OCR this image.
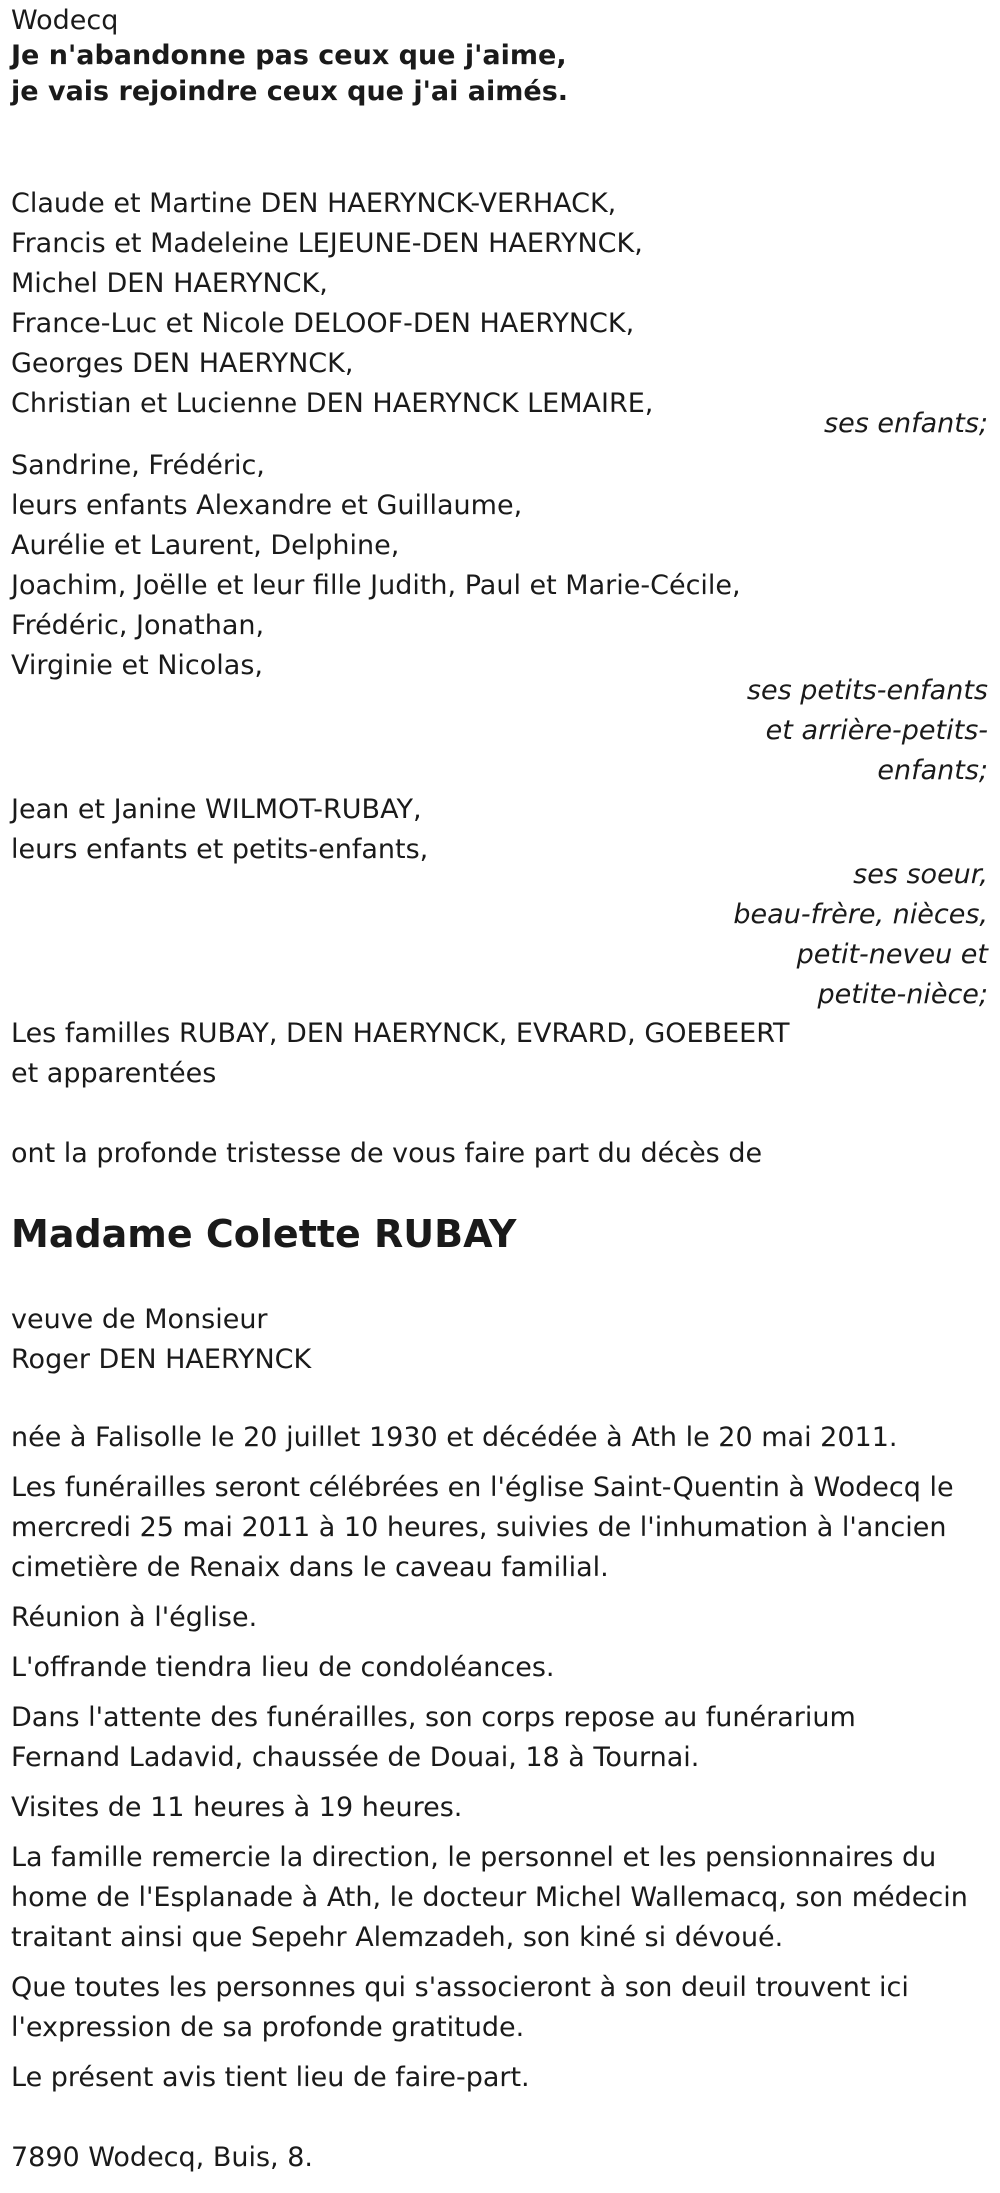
Wodecq
Je n'abandonne pas ceux que j'aime,
je vais rejoindre ceux que j'ai aimés.
Claude et Martine DEN HAERYNCK-VERHACK,
Francis et Madeleine LEJEUNE-DEN HAERYNCK,
Michel DEN HAERYNCK,
France-Luc et Nicole DELOOF-DEN HAERYNCK,
Georges DEN HAERYNCK,
Christian et Lucienne DEN HAERYNCK LEMAIRE,
ses enfants;
Sandrine, Frédéric,
leurs enfants Alexandre et Guillaume,
Aurélie et Laurent, Delphine,
Joachim, Joëlle et leur fille Judith, Paul et Marie-Cécile,
Frédéric, Jonathan,
Virginie et Nicolas,
ses petits-enfants
et arrière-petits-
enfants;
Jean et Janine WILMOT-RUBAY,
leurs enfants et petits-enfants,
ses soeur,
beau-frère, nièces,
petit-neveu et
petite-nièce;
Les familles RUBAY, DEN HAERYNCK, EVRARD, GOEBEERT
et apparentées
ont la profonde tristesse de vous faire part du décès de
Madame Colette RUBAY
veuve de Monsieur
Roger DEN HAERYNCK
née à Falisolle le 20 juillet 1930 et décédée à Ath le 20 mai 2011.
Les funérailles seront célébrées en l'église Saint-Quentin à Wodecq le mercredi 25 mai 2011 à 10 heures, suivies de l'inhumation à l'ancien cimetière de Renaix dans le caveau familial.
Réunion à l'église.
L'offrande tiendra lieu de condoléances.
Dans l'attente des funérailles, son corps repose au funérarium Fernand Ladavid, chaussée de Douai, 18 à Tournai.
Visites de 11 heures à 19 heures.
La famille remercie la direction, le personnel et les pensionnaires du home de l'Esplanade à Ath, le docteur Michel Wallemacq, son médecin traitant ainsi que Sepehr Alemzadeh, son kiné si dévoué.
Que toutes les personnes qui s'associeront à son deuil trouvent ici l'expression de sa profonde gratitude.
Le présent avis tient lieu de faire-part.
7890 Wodecq, Buis, 8.
